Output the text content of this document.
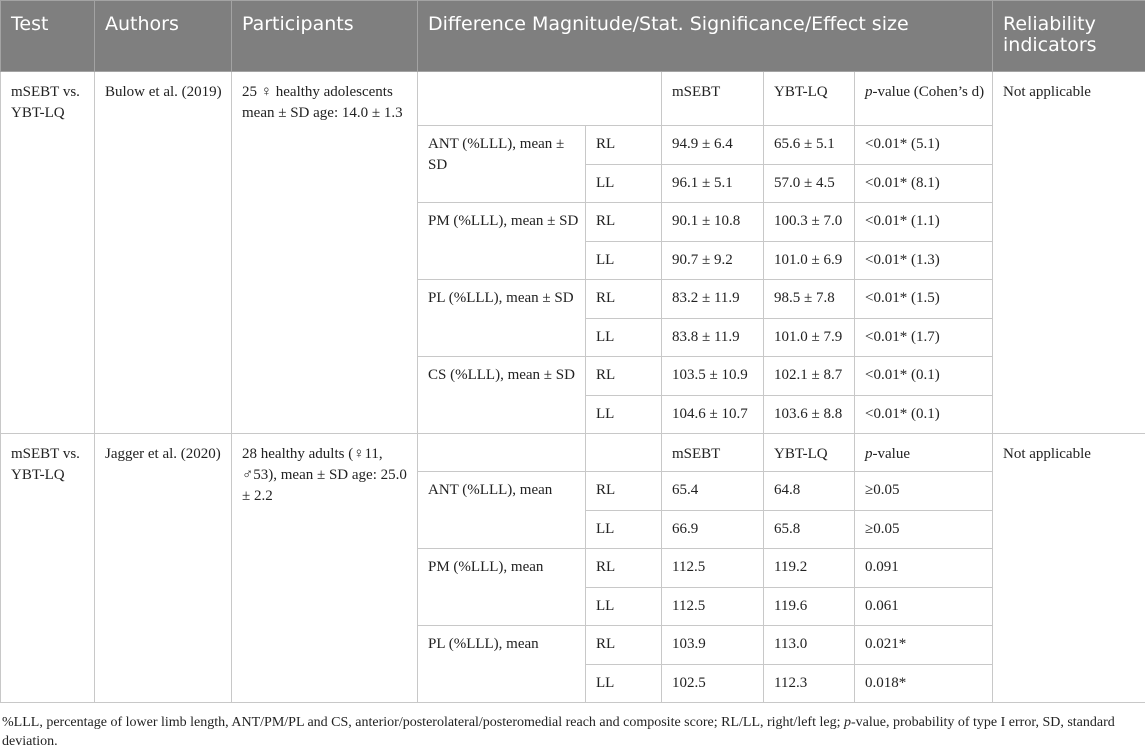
Test	Authors	Participants	Difference Magnitude/Stat. Significance/Effect size					Reliability indicators
mSEBT vs. YBT-LQ	Bulow et al. (2019)	25 ♀ healthy adolescents mean ± SD age: 14.0 ± 1.3			mSEBT	YBT-LQ	p-value (Cohen’s d)	Not applicable
			ANT (%LLL), mean ± SD	RL	94.9 ± 6.4	65.6 ± 5.1	<0.01* (5.1)	
				LL	96.1 ± 5.1	57.0 ± 4.5	<0.01* (8.1)	
			PM (%LLL), mean ± SD	RL	90.1 ± 10.8	100.3 ± 7.0	<0.01* (1.1)	
				LL	90.7 ± 9.2	101.0 ± 6.9	<0.01* (1.3)	
			PL (%LLL), mean ± SD	RL	83.2 ± 11.9	98.5 ± 7.8	<0.01* (1.5)	
				LL	83.8 ± 11.9	101.0 ± 7.9	<0.01* (1.7)	
			CS (%LLL), mean ± SD	RL	103.5 ± 10.9	102.1 ± 8.7	<0.01* (0.1)	
				LL	104.6 ± 10.7	103.6 ± 8.8	<0.01* (0.1)	
mSEBT vs. YBT-LQ	Jagger et al. (2020)	28 healthy adults (♀11, ♂53), mean ± SD age: 25.0 ± 2.2			mSEBT	YBT-LQ	p-value	Not applicable
			ANT (%LLL), mean	RL	65.4	64.8	≥0.05	
				LL	66.9	65.8	≥0.05	
			PM (%LLL), mean	RL	112.5	119.2	0.091	
				LL	112.5	119.6	0.061	
			PL (%LLL), mean	RL	103.9	113.0	0.021*	
				LL	102.5	112.3	0.018*	
%LLL, percentage of lower limb length, ANT/PM/PL and CS, anterior/posterolateral/posteromedial reach and composite score; RL/LL, right/left leg; p-value, probability of type I error, SD, standard deviation.
